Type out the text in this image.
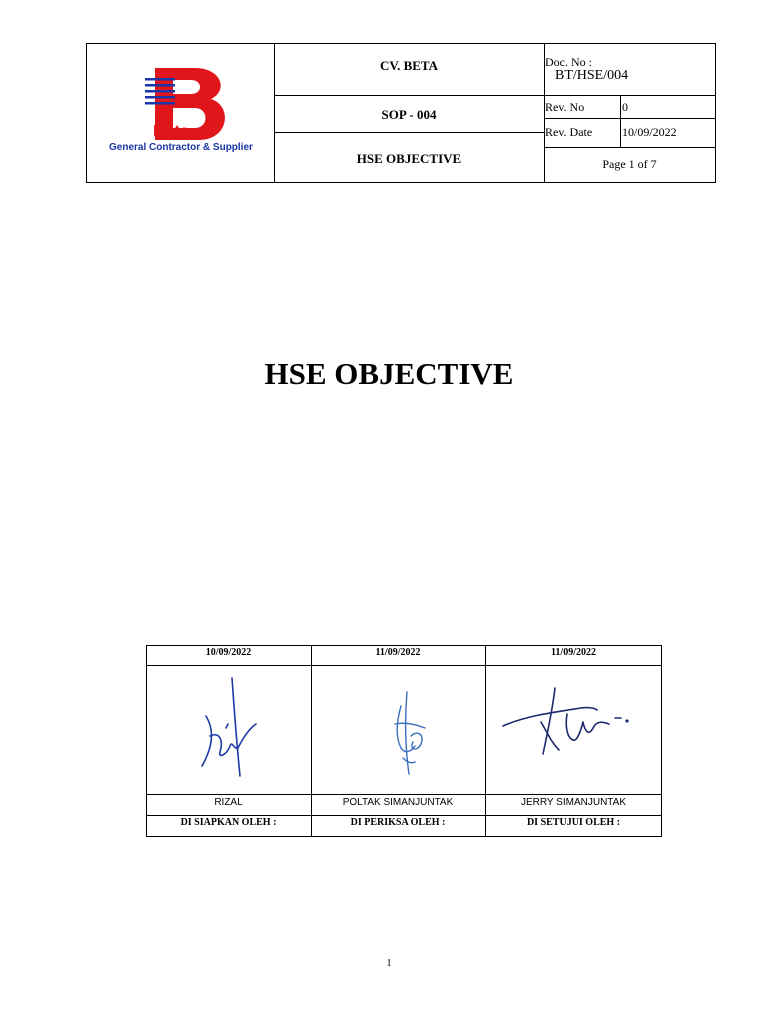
Beta
General Contractor & Supplier
CV. BETA
SOP - 004
HSE OBJECTIVE
Doc. No :
BT/HSE/004
Rev. No	0
Rev. Date 10/09/2022
Page 1 of 7
HSE OBJECTIVE
10/09/2022	11/09/2022	11/09/2022
RIZAL	POLTAK SIMANJUNTAK	JERRY SIMANJUNTAK
DI SIAPKAN OLEH :	DI PERIKSA OLEH :	DI SETUJUI OLEH :
1
